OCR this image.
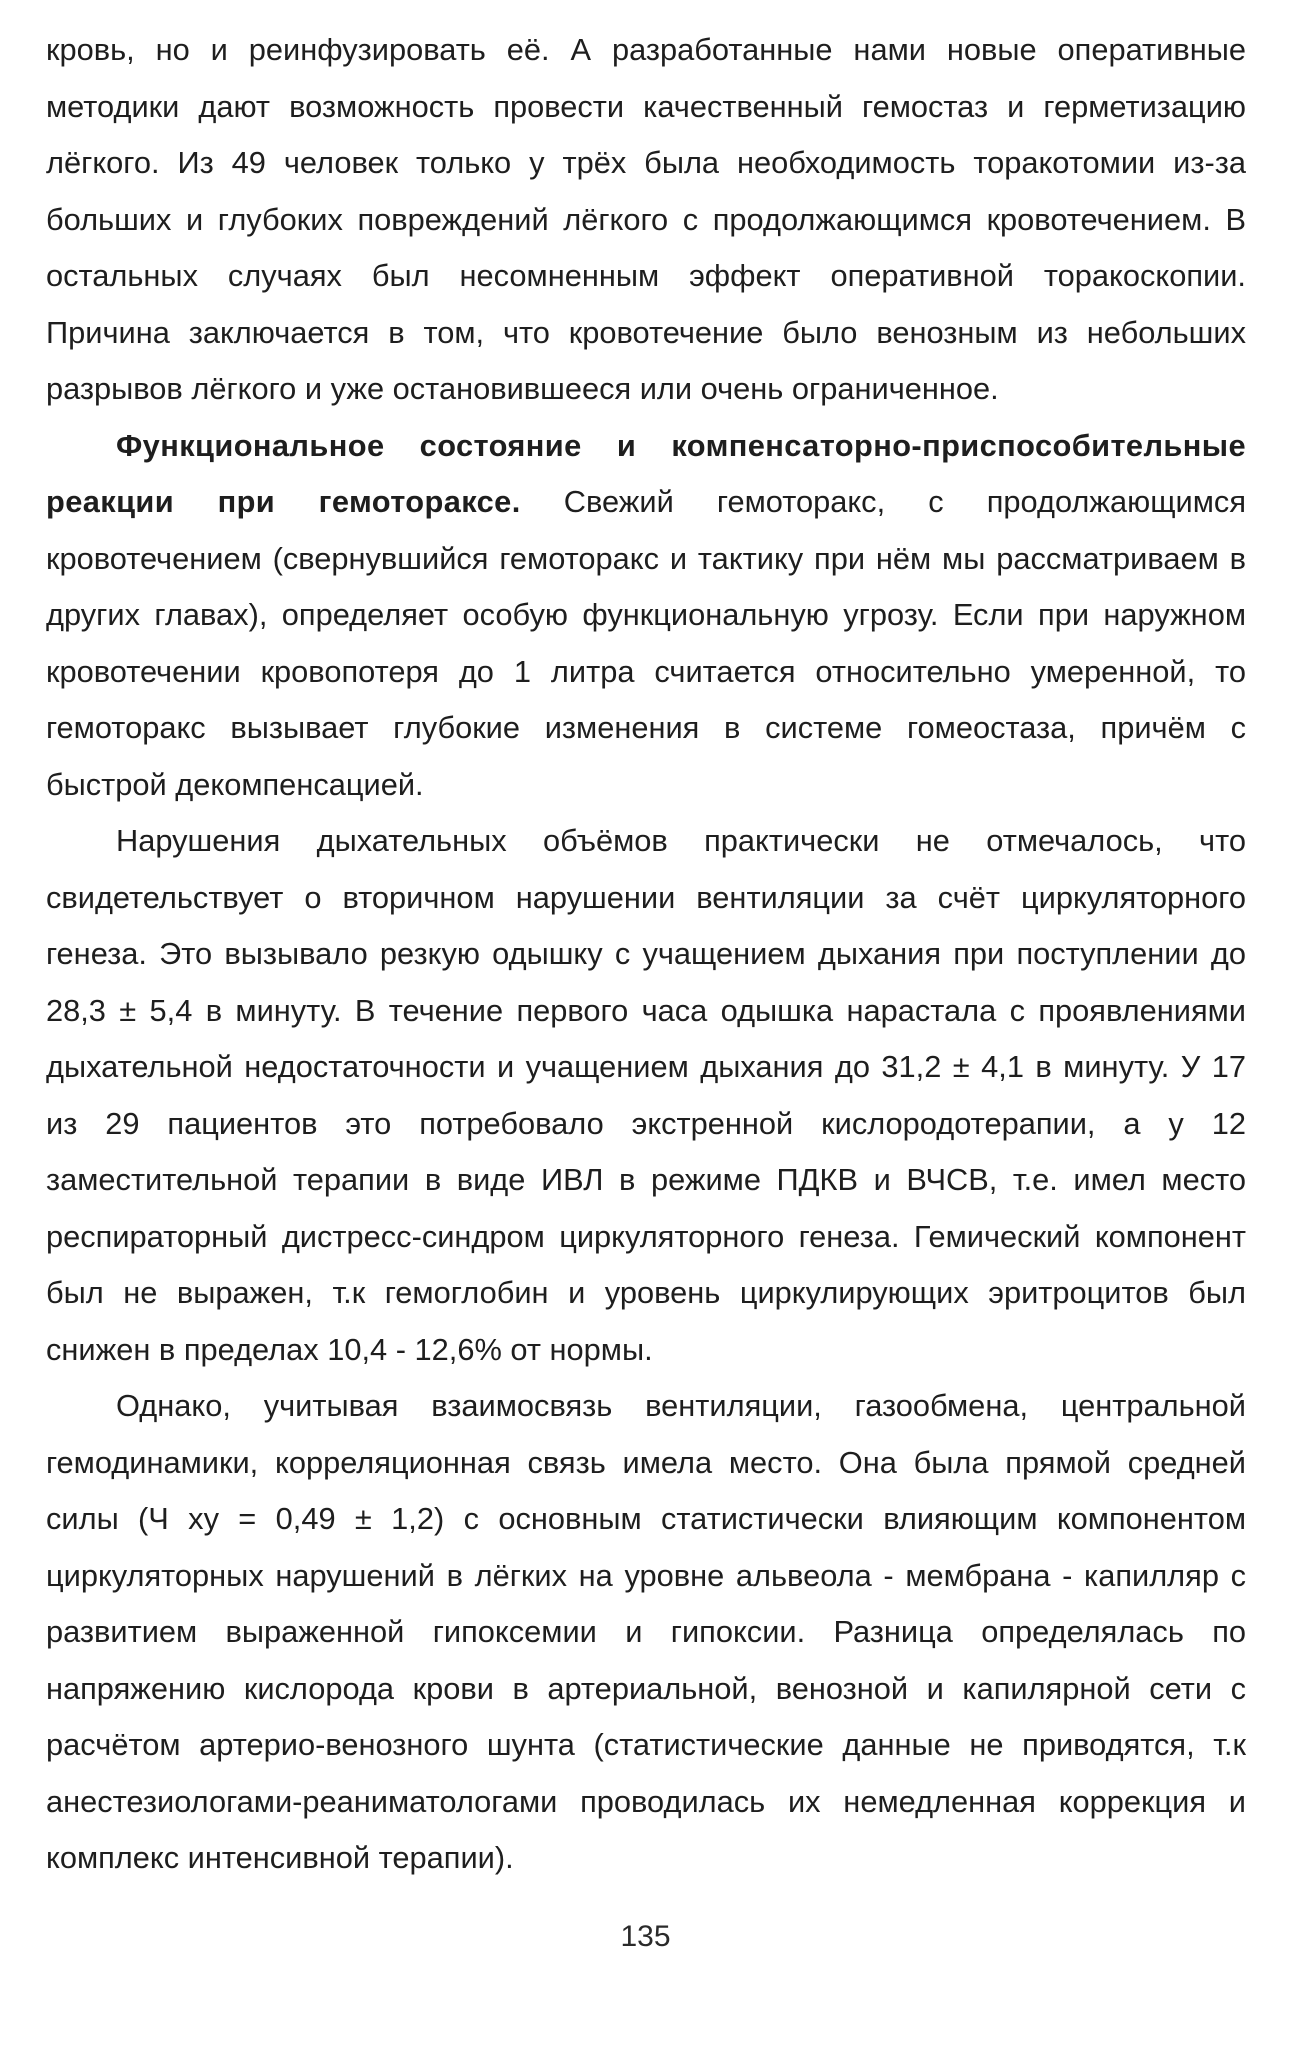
кровь, но и реинфузировать её. А разработанные нами новые оперативные методики дают возможность провести качественный гемостаз и герметизацию лёгкого. Из 49 человек только у трёх была необходимость торакотомии из-за больших и глубоких повреждений лёгкого с продолжающимся кровотечением. В остальных случаях был несомненным эффект оперативной торакоскопии. Причина заключается в том, что кровотечение было венозным из небольших разрывов лёгкого и уже остановившееся или очень ограниченное.

Функциональное состояние и компенсаторно-приспособительные реакции при гемотораксе. Свежий гемоторакс, с продолжающимся кровотечением (свернувшийся гемоторакс и тактику при нём мы рассматриваем в других главах), определяет особую функциональную угрозу. Если при наружном кровотечении кровопотеря до 1 литра считается относительно умеренной, то гемоторакс вызывает глубокие изменения в системе гомеостаза, причём с быстрой декомпенсацией.

Нарушения дыхательных объёмов практически не отмечалось, что свидетельствует о вторичном нарушении вентиляции за счёт циркуляторного генеза. Это вызывало резкую одышку с учащением дыхания при поступлении до 28,3 ± 5,4 в минуту. В течение первого часа одышка нарастала с проявлениями дыхательной недостаточности и учащением дыхания до 31,2 ± 4,1 в минуту. У 17 из 29 пациентов это потребовало экстренной кислородотерапии, а у 12 заместительной терапии в виде ИВЛ в режиме ПДКВ и ВЧСВ, т.е. имел место респираторный дистресс-синдром циркуляторного генеза. Гемический компонент был не выражен, т.к гемоглобин и уровень циркулирующих эритроцитов был снижен в пределах 10,4 - 12,6% от нормы.

Однако, учитывая взаимосвязь вентиляции, газообмена, центральной гемодинамики, корреляционная связь имела место. Она была прямой средней силы (Ч xy = 0,49 ± 1,2) с основным статистически влияющим компонентом циркуляторных нарушений в лёгких на уровне альвеола - мембрана - капилляр с развитием выраженной гипоксемии и гипоксии. Разница определялась по напряжению кислорода крови в артериальной, венозной и капилярной сети с расчётом артерио-венозного шунта (статистические данные не приводятся, т.к анестезиологами-реаниматологами проводилась их немедленная коррекция и комплекс интенсивной терапии).

135
